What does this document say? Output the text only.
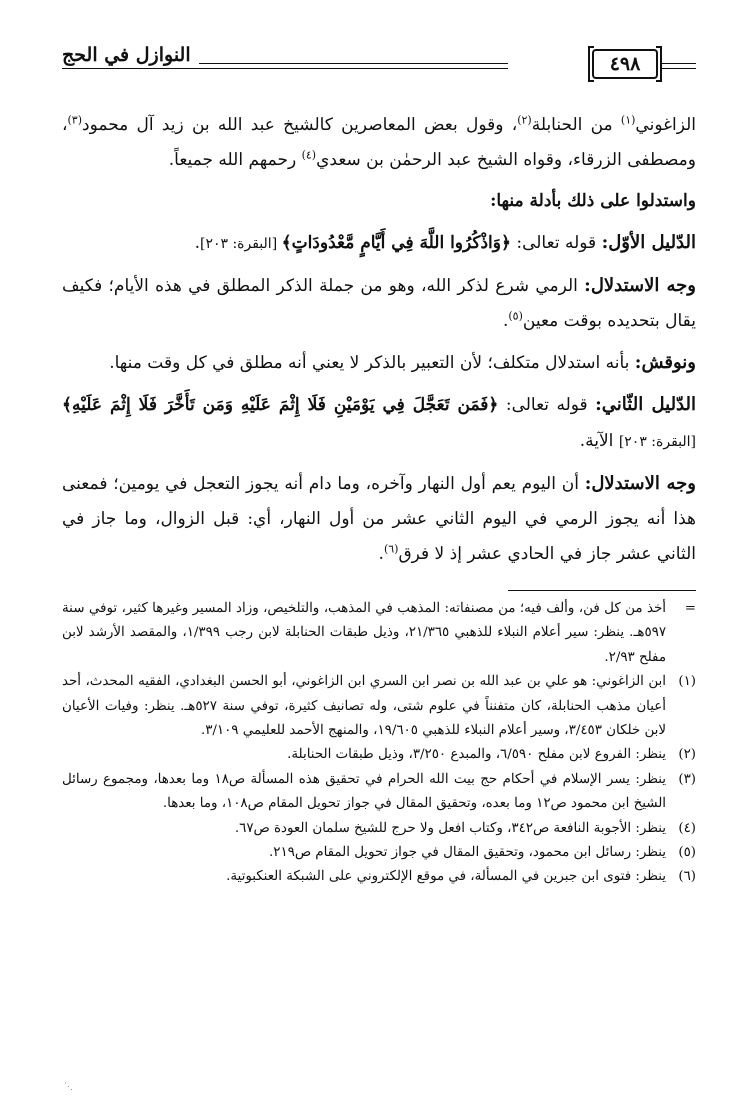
٤٩٨
النوازل في الحج

الزاغوني$^{(١)}$ من الحنابلة$^{(٢)}$، وقول بعض المعاصرين كالشيخ عبد الله بن زيد آل محمود$^{(٣)}$، ومصطفى الزرقاء، وقواه الشيخ عبد الرحمٰن بن سعدي$^{(٤)}$ رحمهم الله جميعاً.

واستدلوا على ذلك بأدلة منها:

الدّليل الأوّل: قوله تعالى: ﴿وَاذْكُرُوا اللَّهَ فِي أَيَّامٍ مَّعْدُودَاتٍ﴾ [البقرة: ٢٠٣].

وجه الاستدلال: الرمي شرع لذكر الله، وهو من جملة الذكر المطلق في هذه الأيام؛ فكيف يقال بتحديده بوقت معين$^{(٥)}$.

ونوقش: بأنه استدلال متكلف؛ لأن التعبير بالذكر لا يعني أنه مطلق في كل وقت منها.

الدّليل الثّاني: قوله تعالى: ﴿فَمَن تَعَجَّلَ فِي يَوْمَيْنِ فَلَا إِثْمَ عَلَيْهِ وَمَن تَأَخَّرَ فَلَا إِثْمَ عَلَيْهِ﴾ [البقرة: ٢٠٣] الآية.

وجه الاستدلال: أن اليوم يعم أول النهار وآخره، وما دام أنه يجوز التعجل في يومين؛ فمعنى هذا أنه يجوز الرمي في اليوم الثاني عشر من أول النهار، أي: قبل الزوال، وما جاز في الثاني عشر جاز في الحادي عشر إذ لا فرق$^{(٦)}$.

=
أخذ من كل فن، وألف فيه؛ من مصنفاته: المذهب في المذهب، والتلخيص، وزاد المسير وغيرها كثير، توفي سنة ٥٩٧هـ. ينظر: سير أعلام النبلاء للذهبي ٢١/٣٦٥، وذيل طبقات الحنابلة لابن رجب ١/٣٩٩، والمقصد الأرشد لابن مفلح ٢/٩٣.
(١)
ابن الزاغوني: هو علي بن عبد الله بن نصر ابن السري ابن الزاغوني، أبو الحسن البغدادي، الفقيه المحدث، أحد أعيان مذهب الحنابلة، كان متفنناً في علوم شتى، وله تصانيف كثيرة، توفي سنة ٥٢٧هـ. ينظر: وفيات الأعيان لابن خلكان ٣/٤٥٣، وسير أعلام النبلاء للذهبي ١٩/٦٠٥، والمنهج الأحمد للعليمي ٣/١٠٩.
(٢)
ينظر: الفروع لابن مفلح ٦/٥٩٠، والمبدع ٣/٢٥٠، وذيل طبقات الحنابلة.
(٣)
ينظر: يسر الإسلام في أحكام حج بيت الله الحرام في تحقيق هذه المسألة ص١٨ وما بعدها، ومجموع رسائل الشيخ ابن محمود ص١٢ وما بعده، وتحقيق المقال في جواز تحويل المقام ص١٠٨، وما بعدها.
(٤)
ينظر: الأجوبة النافعة ص٣٤٢، وكتاب افعل ولا حرج للشيخ سلمان العودة ص٦٧.
(٥)
ينظر: رسائل ابن محمود، وتحقيق المقال في جواز تحويل المقام ص٢١٩.
(٦)
ينظر: فتوى ابن جبرين في المسألة، في موقع الإلكتروني على الشبكة العنكبوتية.
⋰
